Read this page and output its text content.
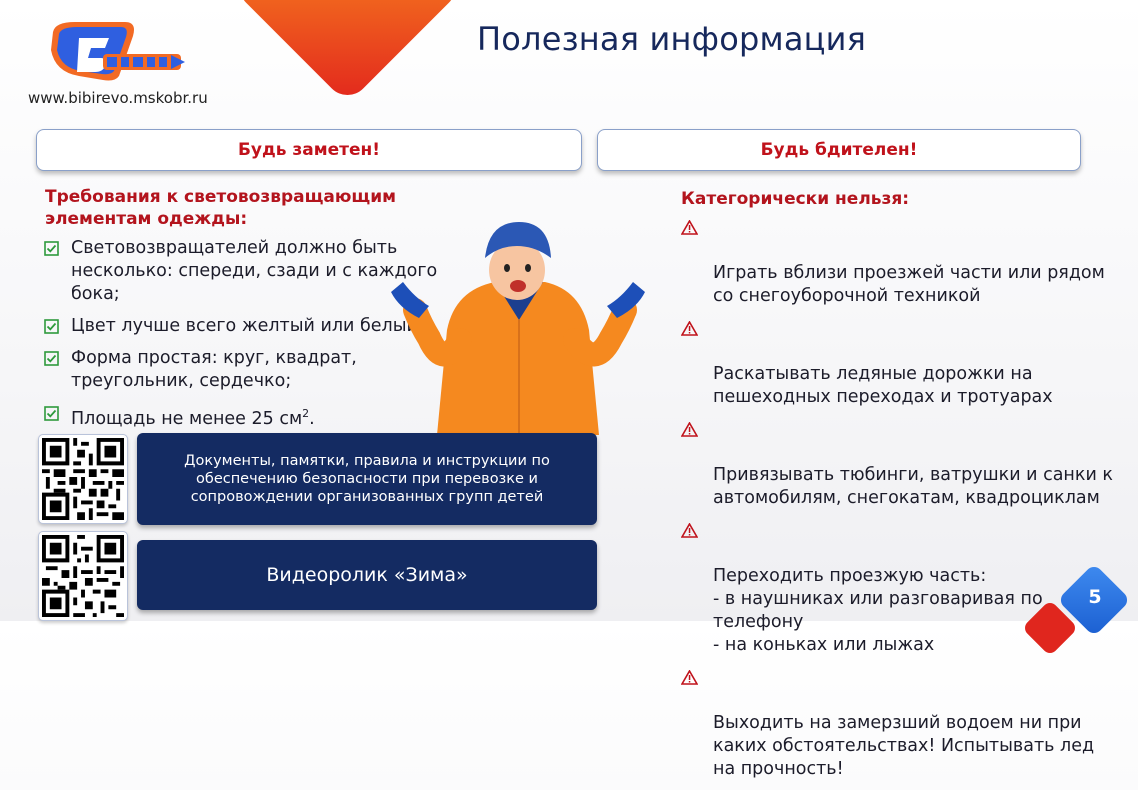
www.bibirevo.mskobr.ru
Полезная информация
Будь заметен!	Будь бдителен!
Требования к световозвращающим элементам одежды:
Световозвращателей должно быть несколько: спереди, сзади и с каждого бока;
Цвет лучше всего желтый или белый;
Форма простая: круг, квадрат, треугольник, сердечко;
Площадь не менее 25 $см^2$.
Категорически нельзя:

Играть вблизи проезжей части или рядом со снегоуборочной техникой

Раскатывать ледяные дорожки на пешеходных переходах и тротуарах

Привязывать тюбинги, ватрушки и санки к автомобилям, снегокатам, квадроциклам

Переходить проезжую часть:
- в наушниках или разговаривая по телефону
- на коньках или лыжах

Выходить на замерзший водоем ни при каких обстоятельствах! Испытывать лед на прочность!

Документы, памятки, правила и инструкции по обеспечению безопасности при перевозке и сопровождении организованных групп детей
Видеоролик «Зима»
5
